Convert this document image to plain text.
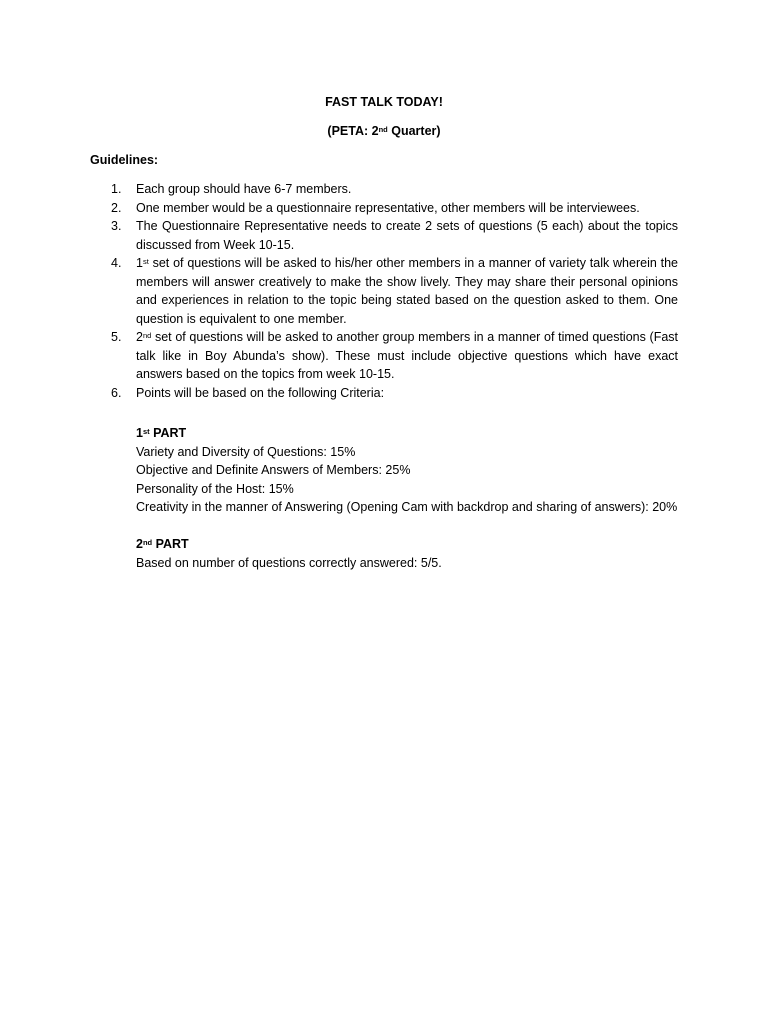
FAST TALK TODAY!
(PETA: 2nd Quarter)
Guidelines:
1. Each group should have 6-7 members.
2. One member would be a questionnaire representative, other members will be interviewees.
3. The Questionnaire Representative needs to create 2 sets of questions (5 each) about the topics discussed from Week 10-15.
4. 1st set of questions will be asked to his/her other members in a manner of variety talk wherein the members will answer creatively to make the show lively. They may share their personal opinions and experiences in relation to the topic being stated based on the question asked to them. One question is equivalent to one member.
5. 2nd set of questions will be asked to another group members in a manner of timed questions (Fast talk like in Boy Abunda’s show). These must include objective questions which have exact answers based on the topics from week 10-15.
6. Points will be based on the following Criteria:
1st PART
Variety and Diversity of Questions: 15%
Objective and Definite Answers of Members: 25%
Personality of the Host: 15%
Creativity in the manner of Answering (Opening Cam with backdrop and sharing of answers): 20%
2nd PART
Based on number of questions correctly answered: 5/5.
